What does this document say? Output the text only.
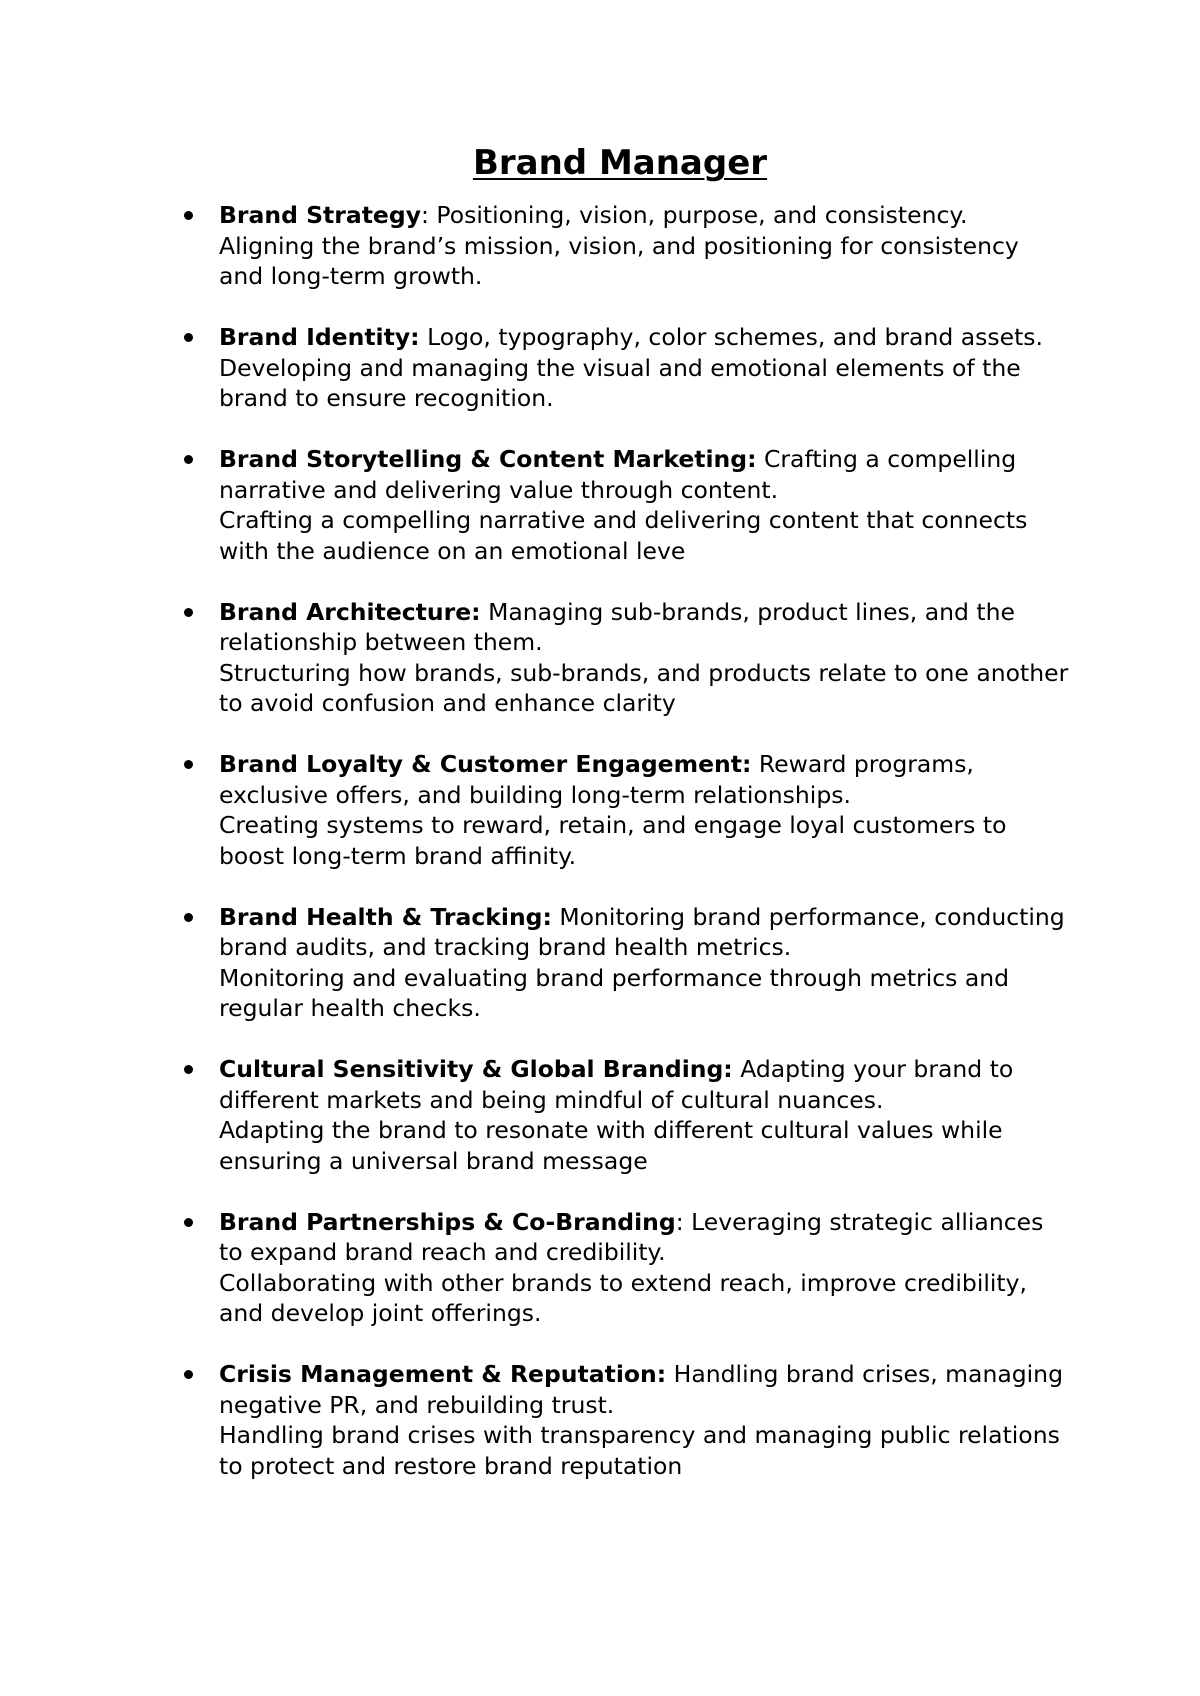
Brand Manager
Brand Strategy: Positioning, vision, purpose, and consistency.
Aligning the brand’s mission, vision, and positioning for consistency and long-term growth.
Brand Identity: Logo, typography, color schemes, and brand assets.
Developing and managing the visual and emotional elements of the brand to ensure recognition.
Brand Storytelling & Content Marketing: Crafting a compelling narrative and delivering value through content.
Crafting a compelling narrative and delivering content that connects with the audience on an emotional leve
Brand Architecture: Managing sub-brands, product lines, and the relationship between them.
Structuring how brands, sub-brands, and products relate to one another to avoid confusion and enhance clarity
Brand Loyalty & Customer Engagement: Reward programs, exclusive offers, and building long-term relationships.
Creating systems to reward, retain, and engage loyal customers to boost long-term brand affinity.
Brand Health & Tracking: Monitoring brand performance, conducting brand audits, and tracking brand health metrics.
Monitoring and evaluating brand performance through metrics and regular health checks.
Cultural Sensitivity & Global Branding: Adapting your brand to different markets and being mindful of cultural nuances.
Adapting the brand to resonate with different cultural values while ensuring a universal brand message
Brand Partnerships & Co-Branding: Leveraging strategic alliances to expand brand reach and credibility.
Collaborating with other brands to extend reach, improve credibility, and develop joint offerings.
Crisis Management & Reputation: Handling brand crises, managing negative PR, and rebuilding trust.
Handling brand crises with transparency and managing public relations to protect and restore brand reputation
